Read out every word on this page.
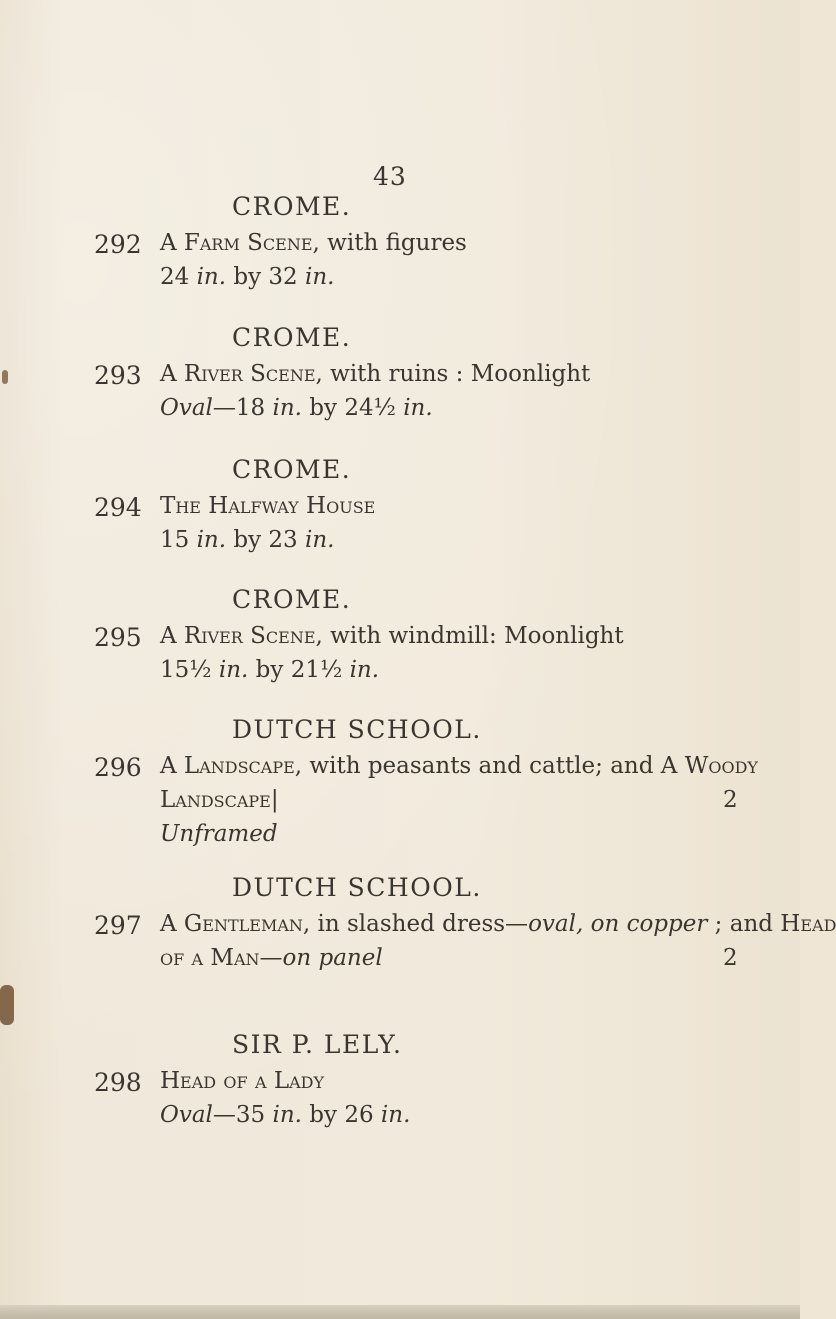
43
CROME.
292 A Farm Scene, with figures
24 in. by 32 in.
CROME.
293 A River Scene, with ruins : Moonlight
Oval—18 in. by 24½ in.
CROME.
294 The Halfway House
15 in. by 23 in.
CROME.
295 A River Scene, with windmill: Moonlight
15½ in. by 21½ in.
DUTCH SCHOOL.
296 A Landscape, with peasants and cattle; and A Woody
Landscape|
Unframed
2
DUTCH SCHOOL.
297 A Gentleman, in slashed dress—oval, on copper ; and Head
of a Man—on panel	2
SIR P. LELY.
298 Head of a Lady
Oval—35 in. by 26 in.
